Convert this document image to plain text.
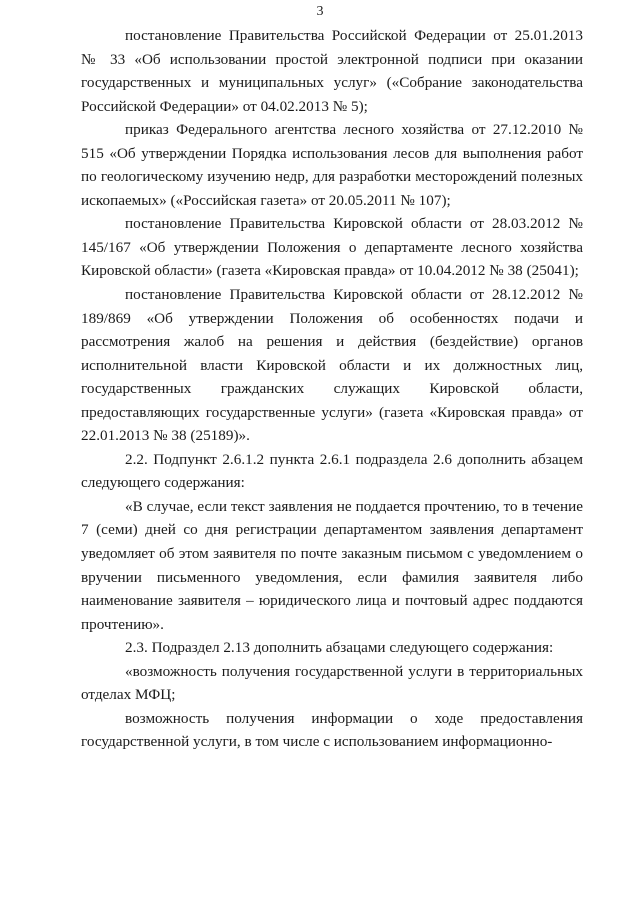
3

постановление Правительства Российской Федерации от 25.01.2013 № 33 «Об использовании простой электронной подписи при оказании государственных и муниципальных услуг» («Собрание законодательства Российской Федерации» от 04.02.2013 № 5);

приказ Федерального агентства лесного хозяйства от 27.12.2010 № 515 «Об утверждении Порядка использования лесов для выполнения работ по геологическому изучению недр, для разработки месторождений полезных ископаемых» («Российская газета» от 20.05.2011 № 107);

постановление Правительства Кировской области от 28.03.2012 № 145/167 «Об утверждении Положения о департаменте лесного хозяйства Кировской области» (газета «Кировская правда» от 10.04.2012 № 38 (25041);

постановление Правительства Кировской области от 28.12.2012 № 189/869 «Об утверждении Положения об особенностях подачи и рассмотрения жалоб на решения и действия (бездействие) органов исполнительной власти Кировской области и их должностных лиц, государственных гражданских служащих Кировской области, предоставляющих государственные услуги» (газета «Кировская правда» от 22.01.2013 № 38 (25189)».

2.2. Подпункт 2.6.1.2 пункта 2.6.1 подраздела 2.6 дополнить абзацем следующего содержания:

«В случае, если текст заявления не поддается прочтению, то в течение 7 (семи) дней со дня регистрации департаментом заявления департамент уведомляет об этом заявителя по почте заказным письмом с уведомлением о вручении письменного уведомления, если фамилия заявителя либо наименование заявителя – юридического лица и почтовый адрес поддаются прочтению».

2.3. Подраздел 2.13 дополнить абзацами следующего содержания:

«возможность получения государственной услуги в территориальных отделах МФЦ;

возможность получения информации о ходе предоставления государственной услуги, в том числе с использованием информационно-
